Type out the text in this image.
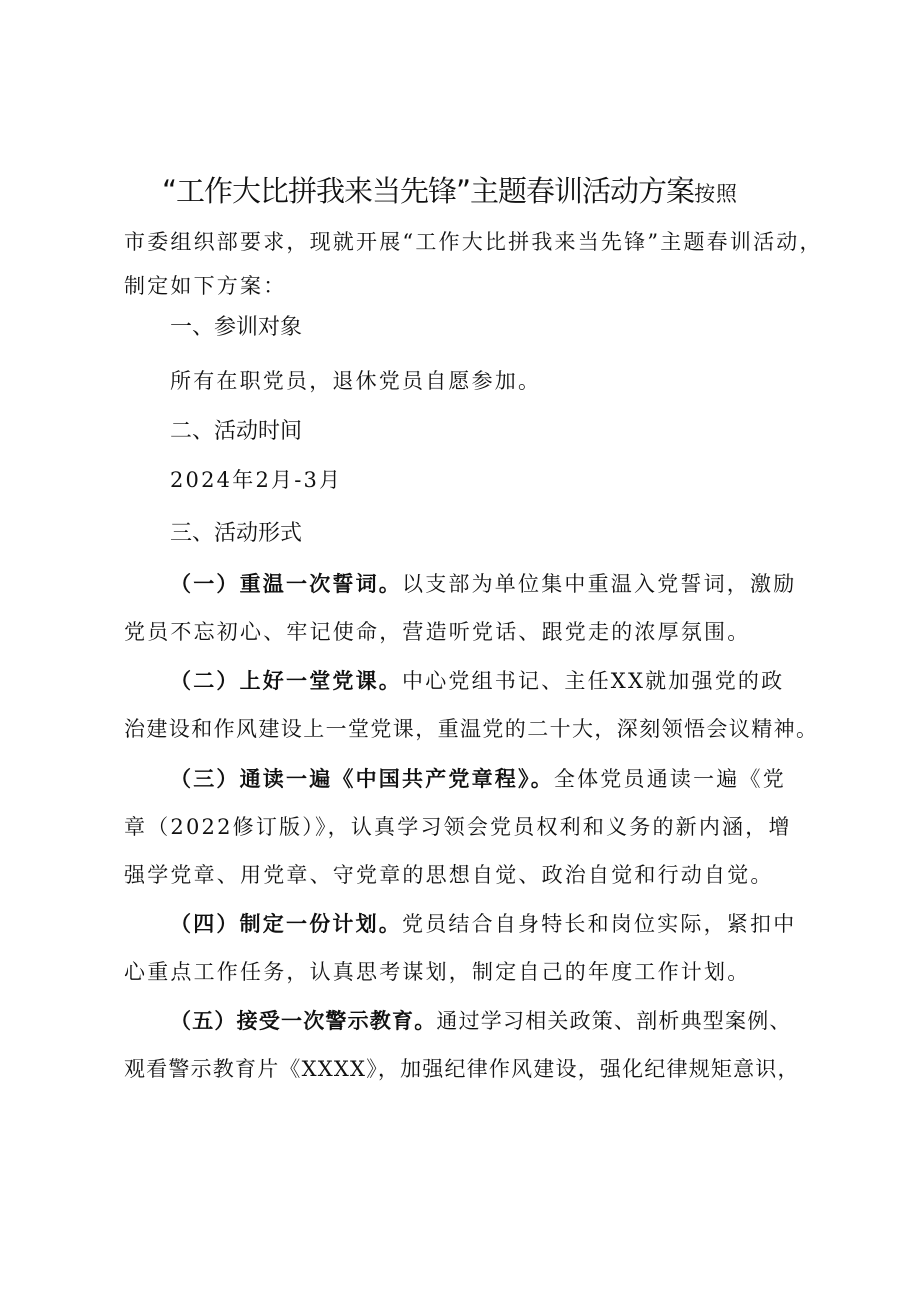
“工作大比拼我来当先锋”主题春训活动方案按照
市委组织部要求，现就开展“工作大比拼我来当先锋”主题春训活动，
制定如下方案：
一、参训对象
所有在职党员，退休党员自愿参加。
二、活动时间
2024年2月-3月
三、活动形式
（一）重温一次誓词。以支部为单位集中重温入党誓词，激励
党员不忘初心、牢记使命，营造听党话、跟党走的浓厚氛围。
（二）上好一堂党课。中心党组书记、主任XX就加强党的政
治建设和作风建设上一堂党课，重温党的二十大，深刻领悟会议精神。
（三）通读一遍《中国共产党章程》。全体党员通读一遍《党
章（2022修订版）》，认真学习领会党员权利和义务的新内涵，增
强学党章、用党章、守党章的思想自觉、政治自觉和行动自觉。
（四）制定一份计划。党员结合自身特长和岗位实际，紧扣中
心重点工作任务，认真思考谋划，制定自己的年度工作计划。
（五）接受一次警示教育。通过学习相关政策、剖析典型案例、
观看警示教育片《XXXX》，加强纪律作风建设，强化纪律规矩意识，
